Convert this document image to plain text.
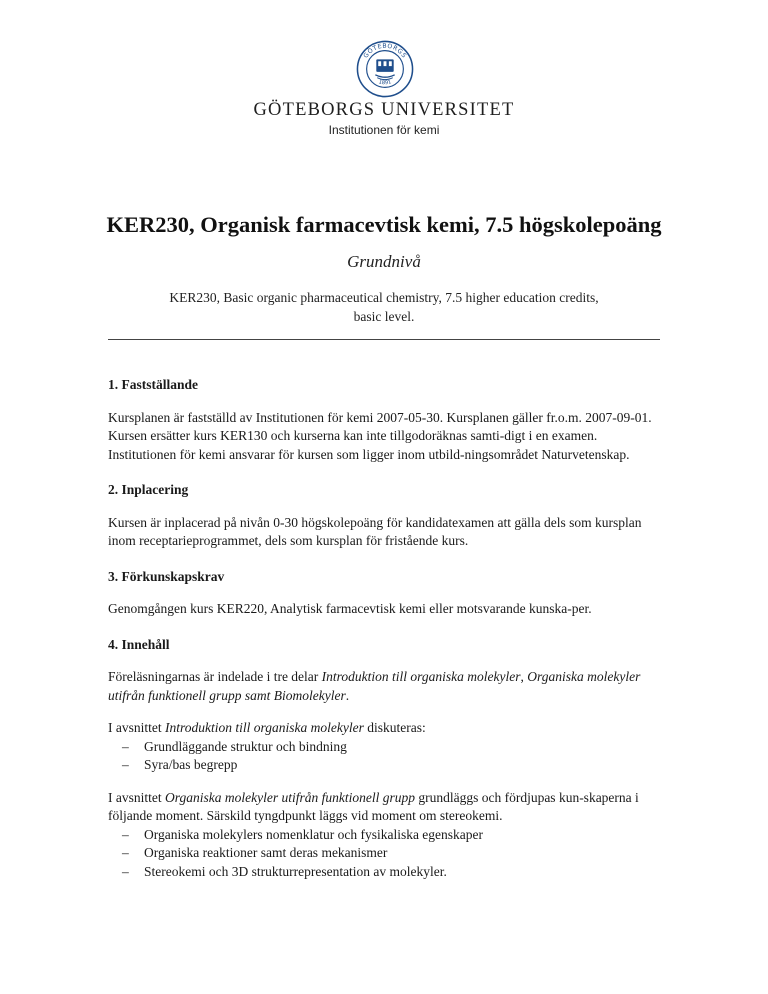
GÖTEBORGS
1891
GÖTEBORGS UNIVERSITET
Institutionen för kemi
KER230, Organisk farmacevtisk kemi, 7.5 högskolepoäng
Grundnivå
KER230, Basic organic pharmaceutical chemistry, 7.5 higher education credits,
basic level.
1. Fastställande

Kursplanen är fastställd av Institutionen för kemi 2007-05-30. Kursplanen gäller fr.o.m. 2007-09-01. Kursen ersätter kurs KER130 och kurserna kan inte tillgodoräknas samti-digt i en examen. Institutionen för kemi ansvarar för kursen som ligger inom utbild-ningsområdet Naturvetenskap.

2. Inplacering

Kursen är inplacerad på nivån 0-30 högskolepoäng för kandidatexamen att gälla dels som kursplan inom receptarieprogrammet, dels som kursplan för fristående kurs.

3. Förkunskapskrav

Genomgången kurs KER220, Analytisk farmacevtisk kemi eller motsvarande kunska-per.

4. Innehåll

Föreläsningarnas är indelade i tre delar Introduktion till organiska molekyler, Organiska molekyler utifrån funktionell grupp samt Biomolekyler.

I avsnittet Introduktion till organiska molekyler diskuteras:

– Grundläggande struktur och bindning
– Syra/bas begrepp

I avsnittet Organiska molekyler utifrån funktionell grupp grundläggs och fördjupas kun-skaperna i följande moment. Särskild tyngdpunkt läggs vid moment om stereokemi.

– Organiska molekylers nomenklatur och fysikaliska egenskaper
– Organiska reaktioner samt deras mekanismer
– Stereokemi och 3D strukturrepresentation av molekyler.
